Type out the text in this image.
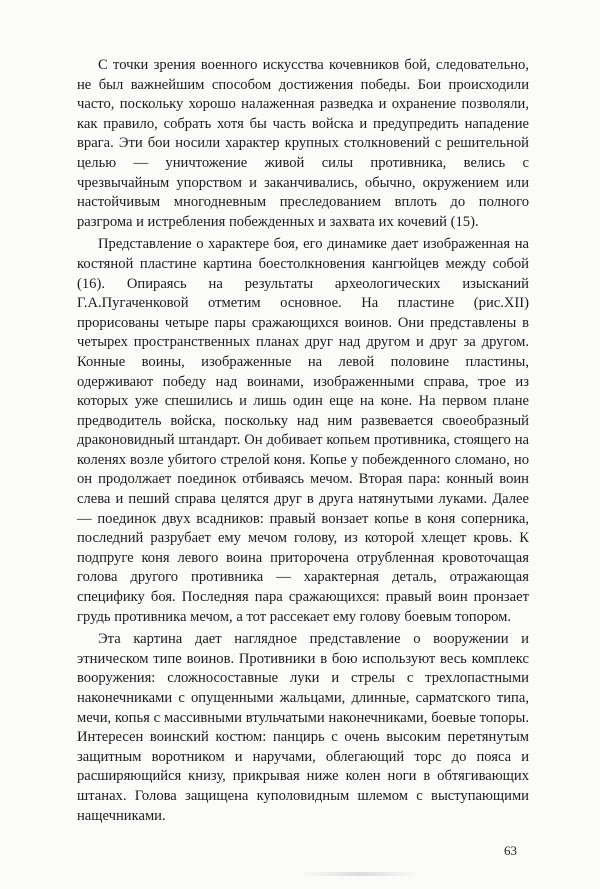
С точки зрения военного искусства кочевников бой, следовательно, не был важнейшим способом достижения победы. Бои происходили часто, поскольку хорошо налаженная разведка и охранение позволяли, как правило, собрать хотя бы часть войска и предупредить нападение врага. Эти бои носили характер крупных столкновений с решительной целью — уничтожение живой силы противника, велись с чрезвычайным упорством и заканчивались, обычно, окружением или настойчивым многодневным преследованием вплоть до полного разгрома и истребления побежденных и захвата их кочевий (15).

Представление о характере боя, его динамике дает изображенная на костяной пластине картина боестолкновения кангюйцев между собой (16). Опираясь на результаты археологических изысканий Г.А.Пугаченковой отметим основное. На пластине (рис.XII) прорисованы четыре пары сражающихся воинов. Они представлены в четырех пространственных планах друг над другом и друг за другом. Конные воины, изображенные на левой половине пластины, одерживают победу над воинами, изображенными справа, трое из которых уже спешились и лишь один еще на коне. На первом плане предводитель войска, поскольку над ним развевается своеобразный драконовидный штандарт. Он добивает копьем противника, стоящего на коленях возле убитого стрелой коня. Копье у побежденного сломано, но он продолжает поединок отбиваясь мечом. Вторая пара: конный воин слева и пеший справа целятся друг в друга натянутыми луками. Далее — поединок двух всадников: правый вонзает копье в коня соперника, последний разрубает ему мечом голову, из которой хлещет кровь. К подпруге коня левого воина приторочена отрубленная кровоточащая голова другого противника — характерная деталь, отражающая специфику боя. Последняя пара сражающихся: правый воин пронзает грудь противника мечом, а тот рассекает ему голову боевым топором.

Эта картина дает наглядное представление о вооружении и этническом типе воинов. Противники в бою используют весь комплекс вооружения: сложносоставные луки и стрелы с трехлопастными наконечниками с опущенными жальцами, длинные, сарматского типа, мечи, копья с массивными втульчатыми наконечниками, боевые топоры. Интересен воинский костюм: панцирь с очень высоким перетянутым защитным воротником и наручами, облегающий торс до пояса и расширяющийся книзу, прикрывая ниже колен ноги в обтягивающих штанах. Голова защищена куполовидным шлемом с выступающими нащечниками.

63
